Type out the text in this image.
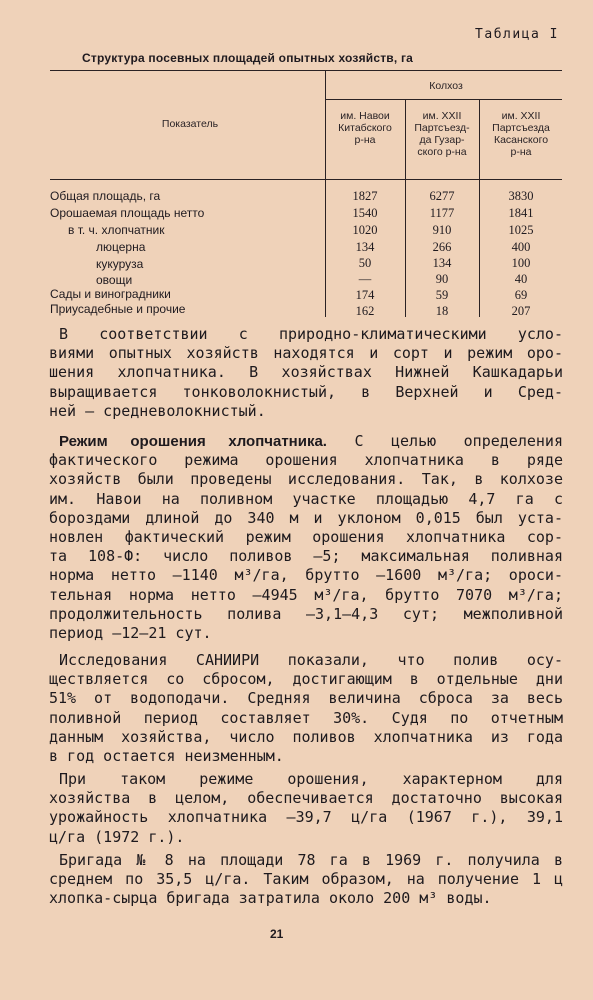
Таблица I
Структура посевных площадей опытных хозяйств, га
Показатель
Колхоз
им. Навои
Китабского
р-на
им. XXII
Партсъезд-
да Гузар-
ского р-на
им. XXII
Партсъезда
Касанского
р-на
Общая площадь, га
Орошаемая площадь нетто
в т. ч. хлопчатник
люцерна
кукуруза
овощи
Сады и виноградники
Приусадебные и прочие
1827
1540
1020
134
50
—
174
162
6277
1177
910
266
134
90
59
18
3830
1841
1025
400
100
40
69
207
В соответствии с природно-климатическими усло-
виями опытных хозяйств находятся и сорт и режим оро-
шения хлопчатника. В хозяйствах Нижней Кашкадарьи
выращивается тонковолокнистый, в Верхней и Сред-
ней — средневолокнистый.
Режим орошения хлопчатника. С целью определения
фактического режима орошения хлопчатника в ряде
хозяйств были проведены исследования. Так, в колхозе
им. Навои на поливном участке площадью 4,7 га с
бороздами длиной до 340 м и уклоном 0,015 был уста-
новлен фактический режим орошения хлопчатника сор-
та 108-Ф: число поливов —5; максимальная поливная
норма нетто —1140 м³/га, брутто —1600 м³/га; ороси-
тельная норма нетто —4945 м³/га, брутто 7070 м³/га;
продолжительность полива —3,1—4,3 сут; межполивной
период —12—21 сут.
Исследования САНИИРИ показали, что полив осу-
ществляется со сбросом, достигающим в отдельные дни
51% от водоподачи. Средняя величина сброса за весь
поливной период составляет 30%. Судя по отчетным
данным хозяйства, число поливов хлопчатника из года
в год остается неизменным.
При таком режиме орошения, характерном для
хозяйства в целом, обеспечивается достаточно высокая
урожайность хлопчатника —39,7 ц/га (1967 г.), 39,1
ц/га (1972 г.).
Бригада № 8 на площади 78 га в 1969 г. получила в
среднем по 35,5 ц/га. Таким образом, на получение 1 ц
хлопка-сырца бригада затратила около 200 м³ воды.
21
